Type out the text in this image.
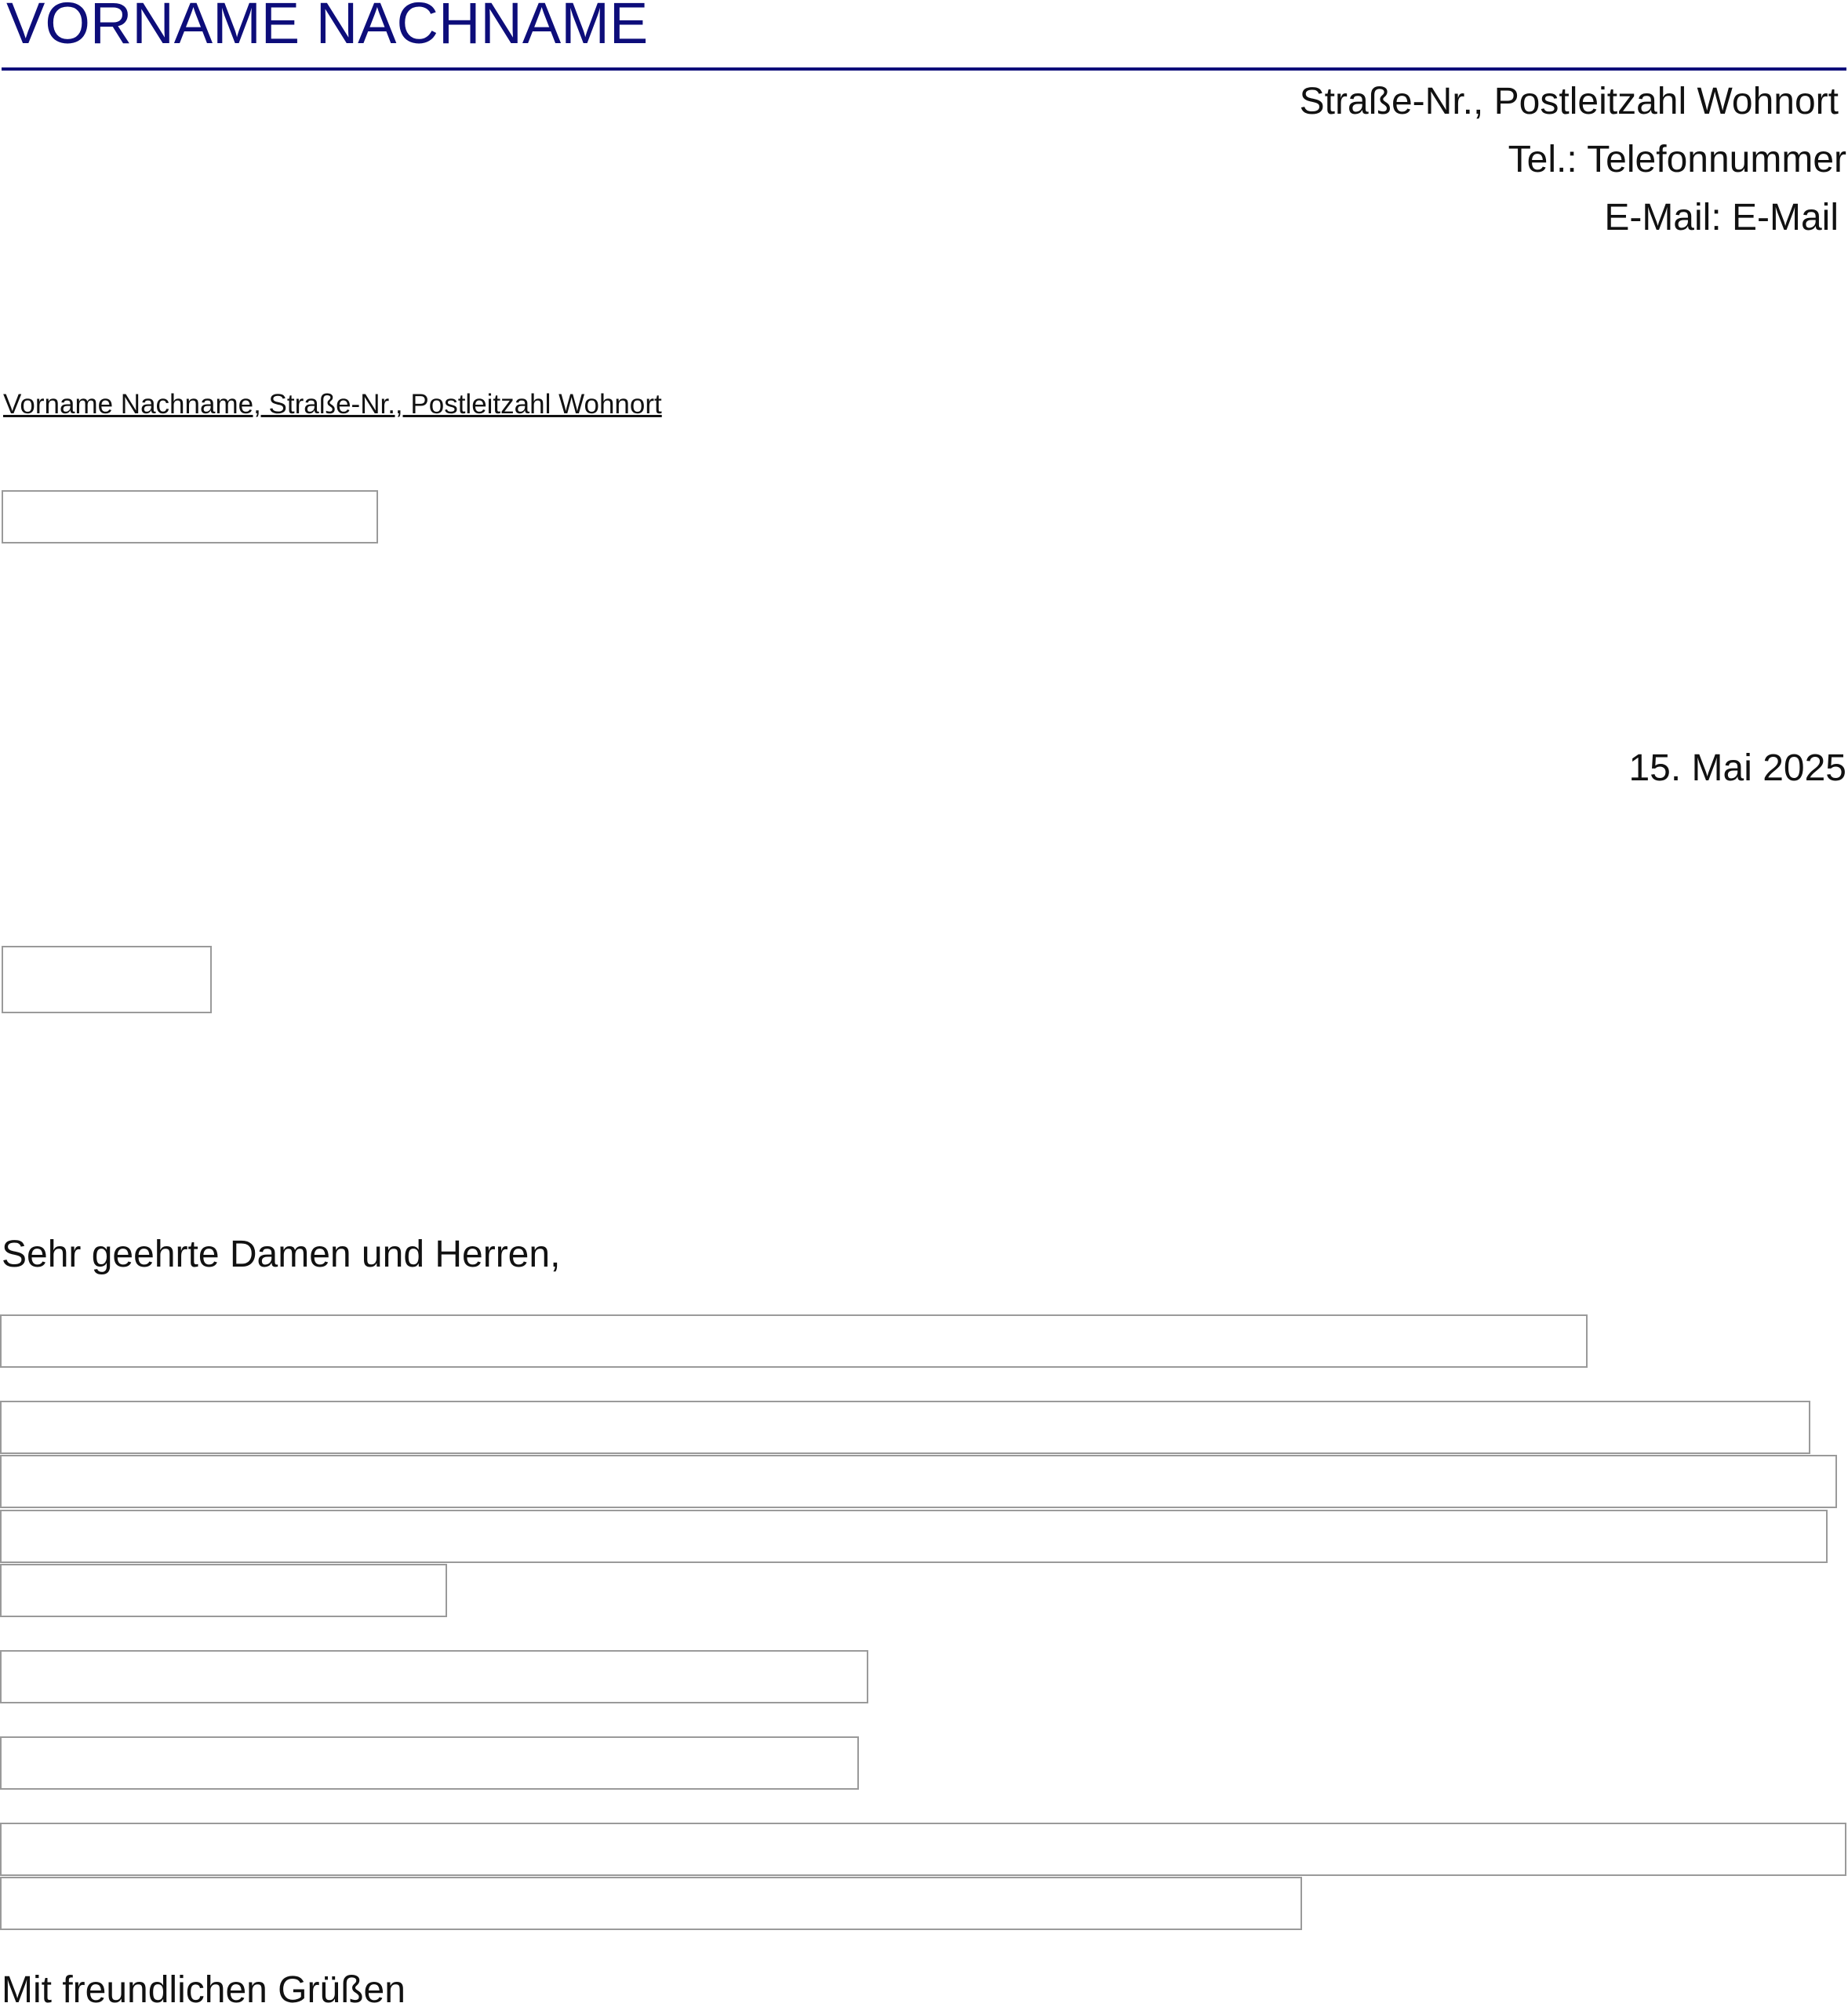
VORNAME NACHNAME
Straße-Nr., Postleitzahl Wohnort
Tel.: Telefonnummer
E-Mail: E-Mail
Vorname Nachname, Straße-Nr., Postleitzahl Wohnort
15. Mai 2025
Sehr geehrte Damen und Herren,
Mit freundlichen Grüßen
